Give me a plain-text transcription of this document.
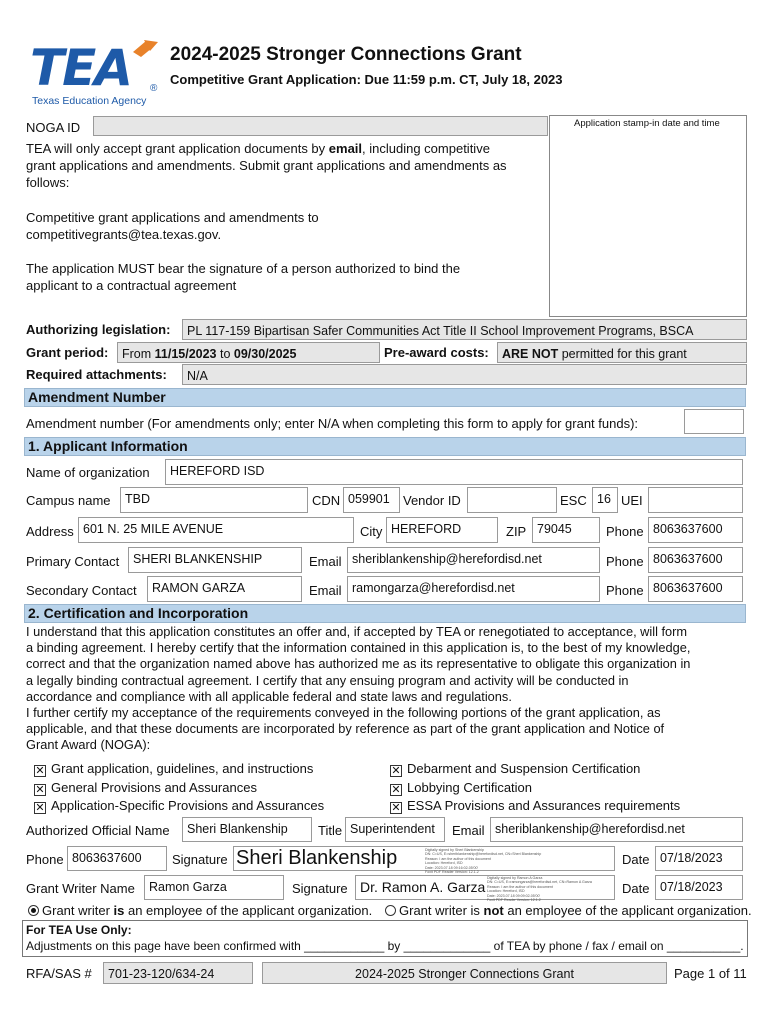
TEA
Texas Education Agency
®
2024-2025 Stronger Connections Grant
Competitive Grant Application: Due 11:59 p.m. CT, July 18, 2023
NOGA ID	Application stamp-in date and time
TEA will only accept grant application documents by email, including competitive
grant applications and amendments. Submit grant applications and amendments as
follows:
Competitive grant applications and amendments to
competitivegrants@tea.texas.gov.
The application MUST bear the signature of a person authorized to bind the
applicant to a contractual agreement
Authorizing legislation:	PL 117-159 Bipartisan Safer Communities Act Title II School Improvement Programs, BSCA
Grant period:	From 11/15/2023 to 09/30/2025	Pre-award costs:	ARE NOT permitted for this grant
Required attachments:	N/A
Amendment Number
Amendment number (For amendments only; enter N/A when completing this form to apply for grant funds):
1. Applicant Information
Name of organization	HEREFORD ISD
Campus name	TBD	CDN 059901	Vendor ID	ESC 16 UEI
Address 601 N. 25 MILE AVENUE	City HEREFORD	ZIP 79045	Phone 8063637600
Primary Contact	SHERI BLANKENSHIP	Email sheriblankenship@herefordisd.net	Phone 8063637600
Secondary Contact	RAMON GARZA	Email ramongarza@herefordisd.net	Phone 8063637600
2. Certification and Incorporation
I understand that this application constitutes an offer and, if accepted by TEA or renegotiated to acceptance, will form
a binding agreement. I hereby certify that the information contained in this application is, to the best of my knowledge,
correct and that the organization named above has authorized me as its representative to obligate this organization in
a legally binding contractual agreement. I certify that any ensuing program and activity will be conducted in
accordance and compliance with all applicable federal and state laws and regulations.
I further certify my acceptance of the requirements conveyed in the following portions of the grant application, as
applicable, and that these documents are incorporated by reference as part of the grant application and Notice of
Grant Award (NOGA):
✕ Grant application, guidelines, and instructions
✕ General Provisions and Assurances
✕ Application-Specific Provisions and Assurances
✕ Debarment and Suspension Certification
✕ Lobbying Certification
✕ ESSA Provisions and Assurances requirements
Authorized Official Name	Sheri Blankenship	Title Superintendent	Email sheriblankenship@herefordisd.net
Phone 8063637600	Signature Sheri Blankenship	Digitally signed by Sheri Blankenship
DN: C=US, E=sheriblankenship@herefordisd.net, CN=Sheri Blankenship
Reason: I am the author of this document
Location: Hereford, ISD
Date: 2023.07.18 09:16:02-05'00'
Foxit PDF Reader Version: 12.1.2
Date 07/18/2023
Grant Writer Name	Ramon Garza	Signature Dr. Ramon A. Garza
Digitally signed by Ramon A Garza
DN: C=US, E=ramongarza@herefordisd.net, CN=Ramon A Garza
Reason: I am the author of this document
Location: Hereford, ISD
Date: 2023.07.18 09:09:02-05'00'
Foxit PDF Reader Version: 12.1.2
Date 07/18/2023
Grant writer is an employee of the applicant organization.	Grant writer is not an employee of the applicant organization.
For TEA Use Only:
Adjustments on this page have been confirmed with ____________ by _____________ of TEA by phone / fax / email on ___________.
RFA/SAS #	701-23-120/634-24	2024-2025 Stronger Connections Grant	Page 1 of 11
